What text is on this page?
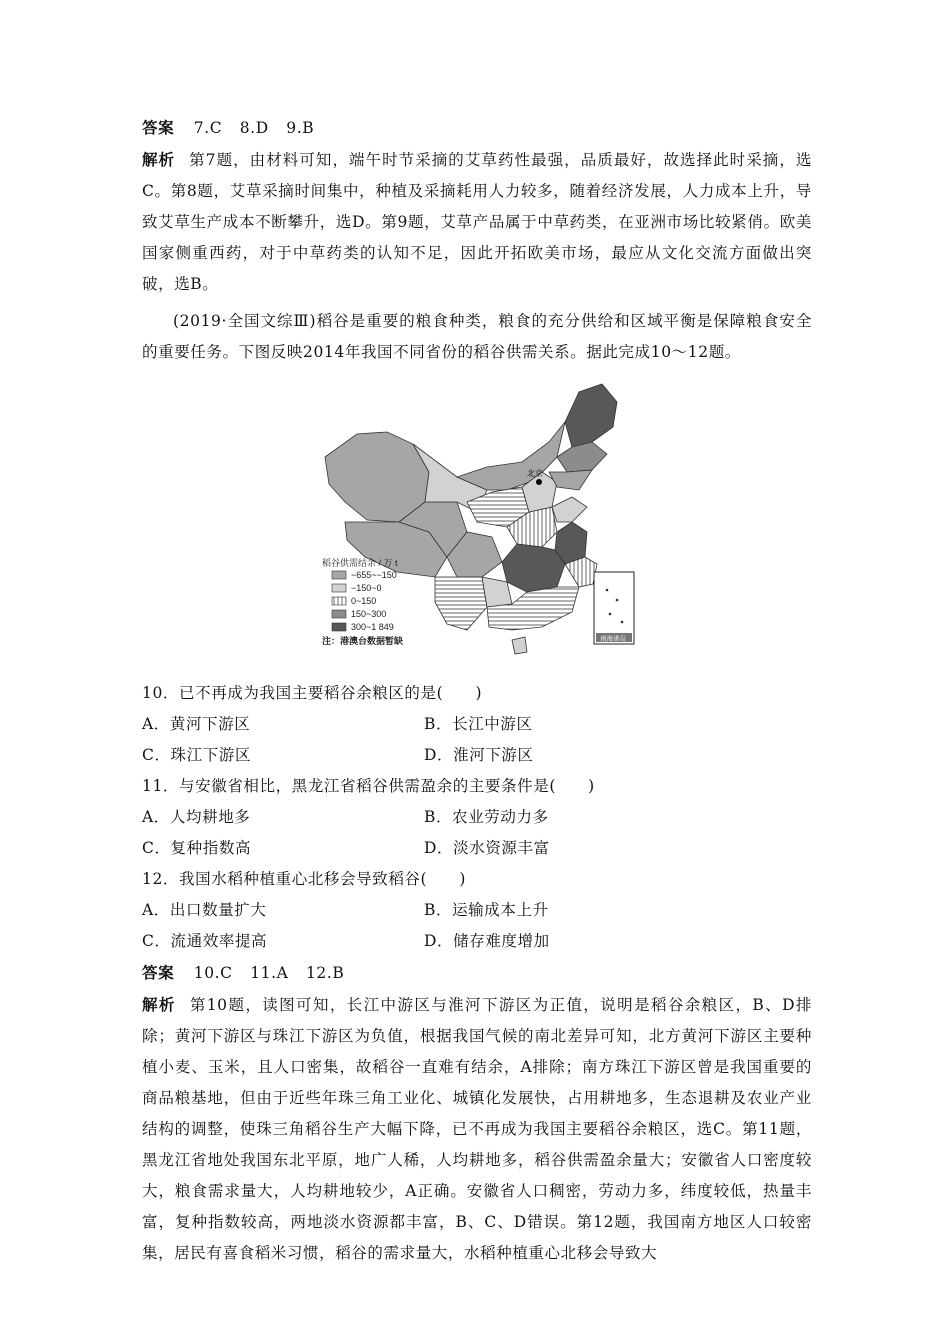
答案 7.C 8.D 9.B

解析 第7题，由材料可知，端午时节采摘的艾草药性最强，品质最好，故选择此时采摘，选C。第8题，艾草采摘时间集中，种植及采摘耗用人力较多，随着经济发展，人力成本上升，导致艾草生产成本不断攀升，选D。第9题，艾草产品属于中草药类，在亚洲市场比较紧俏。欧美国家侧重西药，对于中草药类的认知不足，因此开拓欧美市场，最应从文化交流方面做出突破，选B。

(2019·全国文综Ⅲ)稻谷是重要的粮食种类，粮食的充分供给和区域平衡是保障粮食安全的重要任务。下图反映2014年我国不同省份的稻谷供需关系。据此完成10～12题。

北京
南海诸岛
稻谷供需结余 / 万 t
−655~−150
−150~0
0~150
150~300
300~1 849
注：港澳台数据暂缺

10．已不再成为我国主要稻谷余粮区的是(　　)

A．黄河下游区	B．长江中游区

C．珠江下游区	D．淮河下游区

11．与安徽省相比，黑龙江省稻谷供需盈余的主要条件是(　　)

A．人均耕地多	B．农业劳动力多

C．复种指数高	D．淡水资源丰富

12．我国水稻种植重心北移会导致稻谷(　　)

A．出口数量扩大	B．运输成本上升

C．流通效率提高	D．储存难度增加

答案 10.C 11.A 12.B

解析 第10题，读图可知，长江中游区与淮河下游区为正值，说明是稻谷余粮区，B、D排除；黄河下游区与珠江下游区为负值，根据我国气候的南北差异可知，北方黄河下游区主要种植小麦、玉米，且人口密集，故稻谷一直难有结余，A排除；南方珠江下游区曾是我国重要的商品粮基地，但由于近些年珠三角工业化、城镇化发展快，占用耕地多，生态退耕及农业产业结构的调整，使珠三角稻谷生产大幅下降，已不再成为我国主要稻谷余粮区，选C。第11题，黑龙江省地处我国东北平原，地广人稀，人均耕地多，稻谷供需盈余量大；安徽省人口密度较大，粮食需求量大，人均耕地较少，A正确。安徽省人口稠密，劳动力多，纬度较低，热量丰富，复种指数较高，两地淡水资源都丰富，B、C、D错误。第12题，我国南方地区人口较密集，居民有喜食稻米习惯，稻谷的需求量大，水稻种植重心北移会导致大
